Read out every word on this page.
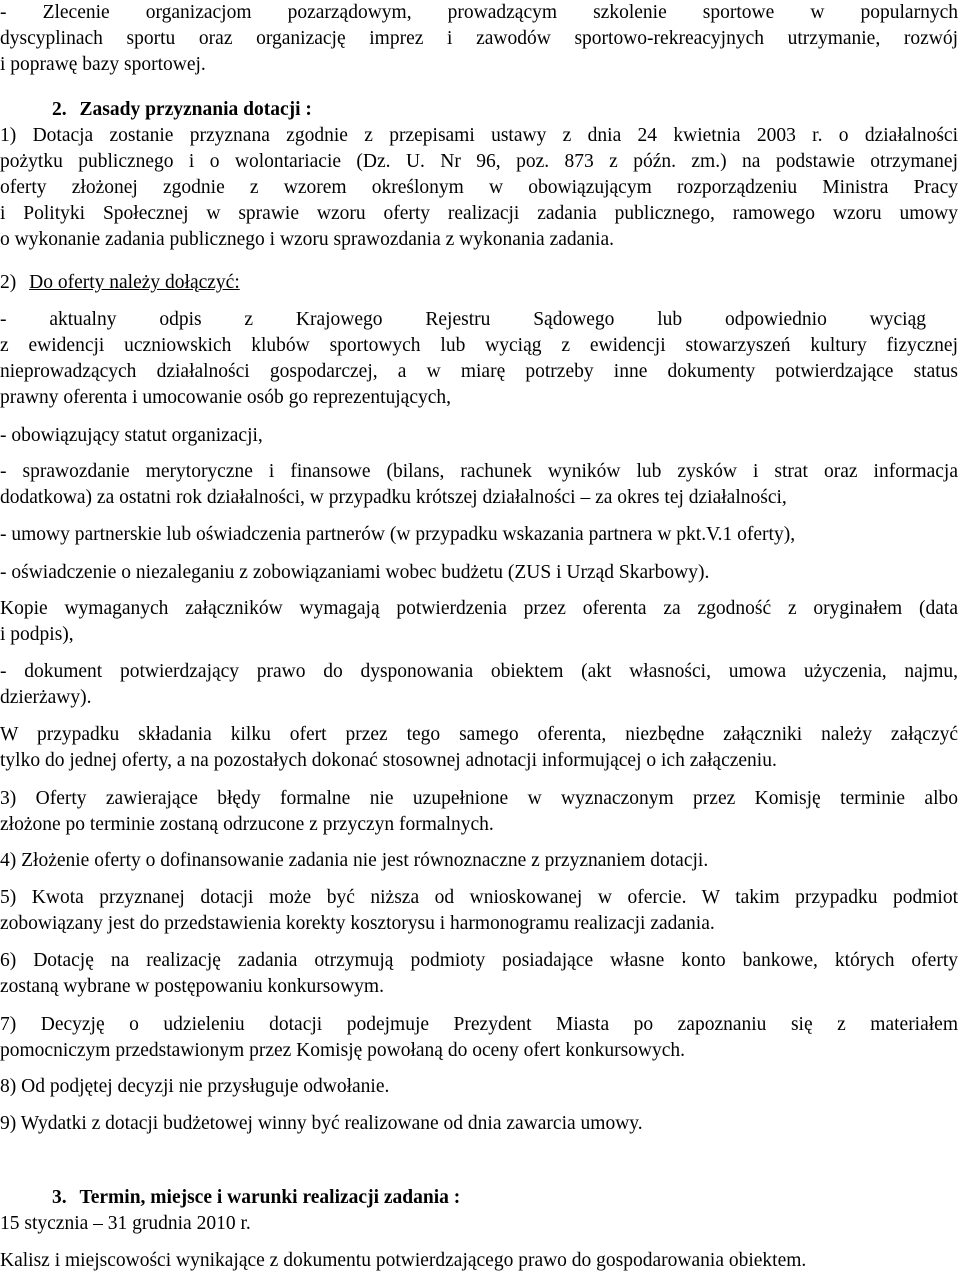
- Zlecenie organizacjom pozarządowym, prowadzącym szkolenie sportowe w popularnych
dyscyplinach sportu oraz organizację imprez i zawodów sportowo-rekreacyjnych utrzymanie, rozwój
i poprawę bazy sportowej.
2. Zasady przyznania dotacji :
1) Dotacja zostanie przyznana zgodnie z przepisami ustawy z dnia 24 kwietnia 2003 r. o działalności
pożytku publicznego i o wolontariacie (Dz. U. Nr 96, poz. 873 z późn. zm.) na podstawie otrzymanej
oferty złożonej zgodnie z wzorem określonym w obowiązującym rozporządzeniu Ministra Pracy
i Polityki Społecznej w sprawie wzoru oferty realizacji zadania publicznego, ramowego wzoru umowy
o wykonanie zadania publicznego i wzoru sprawozdania z wykonania zadania.
2) Do oferty należy dołączyć:
- aktualny odpis z Krajowego Rejestru Sądowego lub odpowiednio wyciąg
z ewidencji uczniowskich klubów sportowych lub wyciąg z ewidencji stowarzyszeń kultury fizycznej
nieprowadzących działalności gospodarczej, a w miarę potrzeby inne dokumenty potwierdzające status
prawny oferenta i umocowanie osób go reprezentujących,
- obowiązujący statut organizacji,
- sprawozdanie merytoryczne i finansowe (bilans, rachunek wyników lub zysków i strat oraz informacja
dodatkowa) za ostatni rok działalności, w przypadku krótszej działalności – za okres tej działalności,
- umowy partnerskie lub oświadczenia partnerów (w przypadku wskazania partnera w pkt.V.1 oferty),
- oświadczenie o niezaleganiu z zobowiązaniami wobec budżetu (ZUS i Urząd Skarbowy).
Kopie wymaganych załączników wymagają potwierdzenia przez oferenta za zgodność z oryginałem (data
i podpis),
- dokument potwierdzający prawo do dysponowania obiektem (akt własności, umowa użyczenia, najmu,
dzierżawy).
W przypadku składania kilku ofert przez tego samego oferenta, niezbędne załączniki należy załączyć
tylko do jednej oferty, a na pozostałych dokonać stosownej adnotacji informującej o ich załączeniu.
3) Oferty zawierające błędy formalne nie uzupełnione w wyznaczonym przez Komisję terminie albo
złożone po terminie zostaną odrzucone z przyczyn formalnych.
4) Złożenie oferty o dofinansowanie zadania nie jest równoznaczne z przyznaniem dotacji.
5) Kwota przyznanej dotacji może być niższa od wnioskowanej w ofercie. W takim przypadku podmiot
zobowiązany jest do przedstawienia korekty kosztorysu i harmonogramu realizacji zadania.
6) Dotację na realizację zadania otrzymują podmioty posiadające własne konto bankowe, których oferty
zostaną wybrane w postępowaniu konkursowym.
7) Decyzję o udzieleniu dotacji podejmuje Prezydent Miasta po zapoznaniu się z materiałem
pomocniczym przedstawionym przez Komisję powołaną do oceny ofert konkursowych.
8) Od podjętej decyzji nie przysługuje odwołanie.
9) Wydatki z dotacji budżetowej winny być realizowane od dnia zawarcia umowy.
3. Termin, miejsce i warunki realizacji zadania :
15 stycznia – 31 grudnia 2010 r.
Kalisz i miejscowości wynikające z dokumentu potwierdzającego prawo do gospodarowania obiektem.
